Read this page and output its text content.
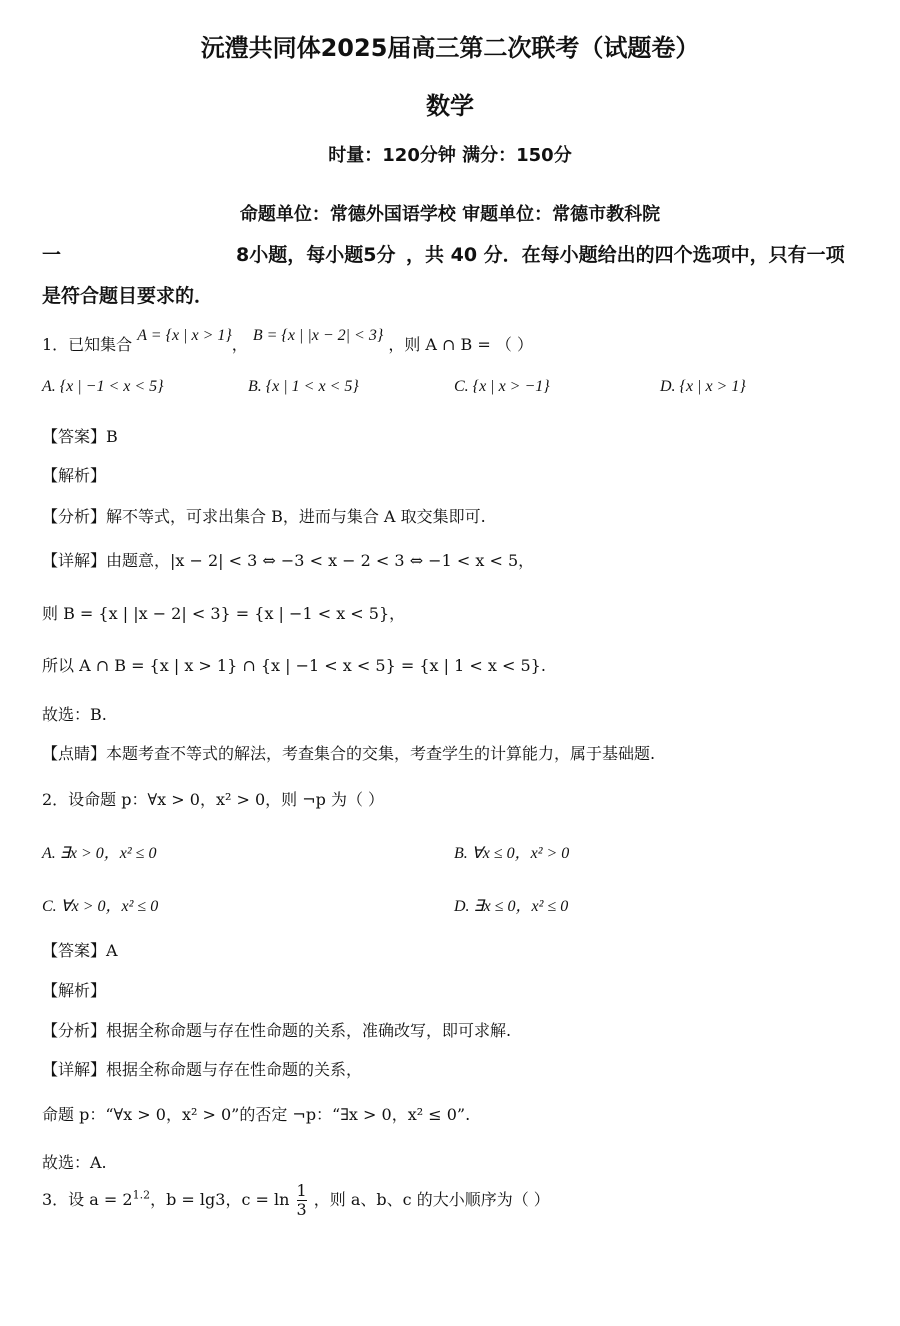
沅澧共同体2025届高三第二次联考（试题卷）
数学
时量：120分钟 满分：150分
命题单位：常德外国语学校 审题单位：常德市教科院
一	8小题，每小题5分 ，共 40 分．在每小题给出的四个选项中，只有一项
是符合题目要求的．
1．已知集合 A = {x | x > 1}， B = {x | |x − 2| < 3} ，则 A ∩ B = （ ）
A. {x | −1 < x < 5}	B. {x | 1 < x < 5}	C. {x | x > −1}	D. {x | x > 1}
【答案】B
【解析】
【分析】解不等式，可求出集合 B，进而与集合 A 取交集即可.
【详解】由题意，|x − 2| < 3 ⇔ −3 < x − 2 < 3 ⇔ −1 < x < 5，
则 B = {x | |x − 2| < 3} = {x | −1 < x < 5}，
所以 A ∩ B = {x | x > 1} ∩ {x | −1 < x < 5} = {x | 1 < x < 5}.
故选：B.
【点睛】本题考查不等式的解法，考查集合的交集，考查学生的计算能力，属于基础题.
2．设命题 p：∀x > 0，x² > 0，则 ¬p 为（ ）
A. ∃x > 0，x² ≤ 0	B. ∀x ≤ 0，x² > 0
C. ∀x > 0，x² ≤ 0	D. ∃x ≤ 0，x² ≤ 0
【答案】A
【解析】
【分析】根据全称命题与存在性命题的关系，准确改写，即可求解.
【详解】根据全称命题与存在性命题的关系，
命题 p：“∀x > 0，x² > 0”的否定 ¬p：“∃x > 0，x² ≤ 0”.
故选：A.
3．设 $a = 2^{1.2}$，b = lg3，$c = \ln \frac{1}{3}$ ，则 a、b、c 的大小顺序为（ ）
